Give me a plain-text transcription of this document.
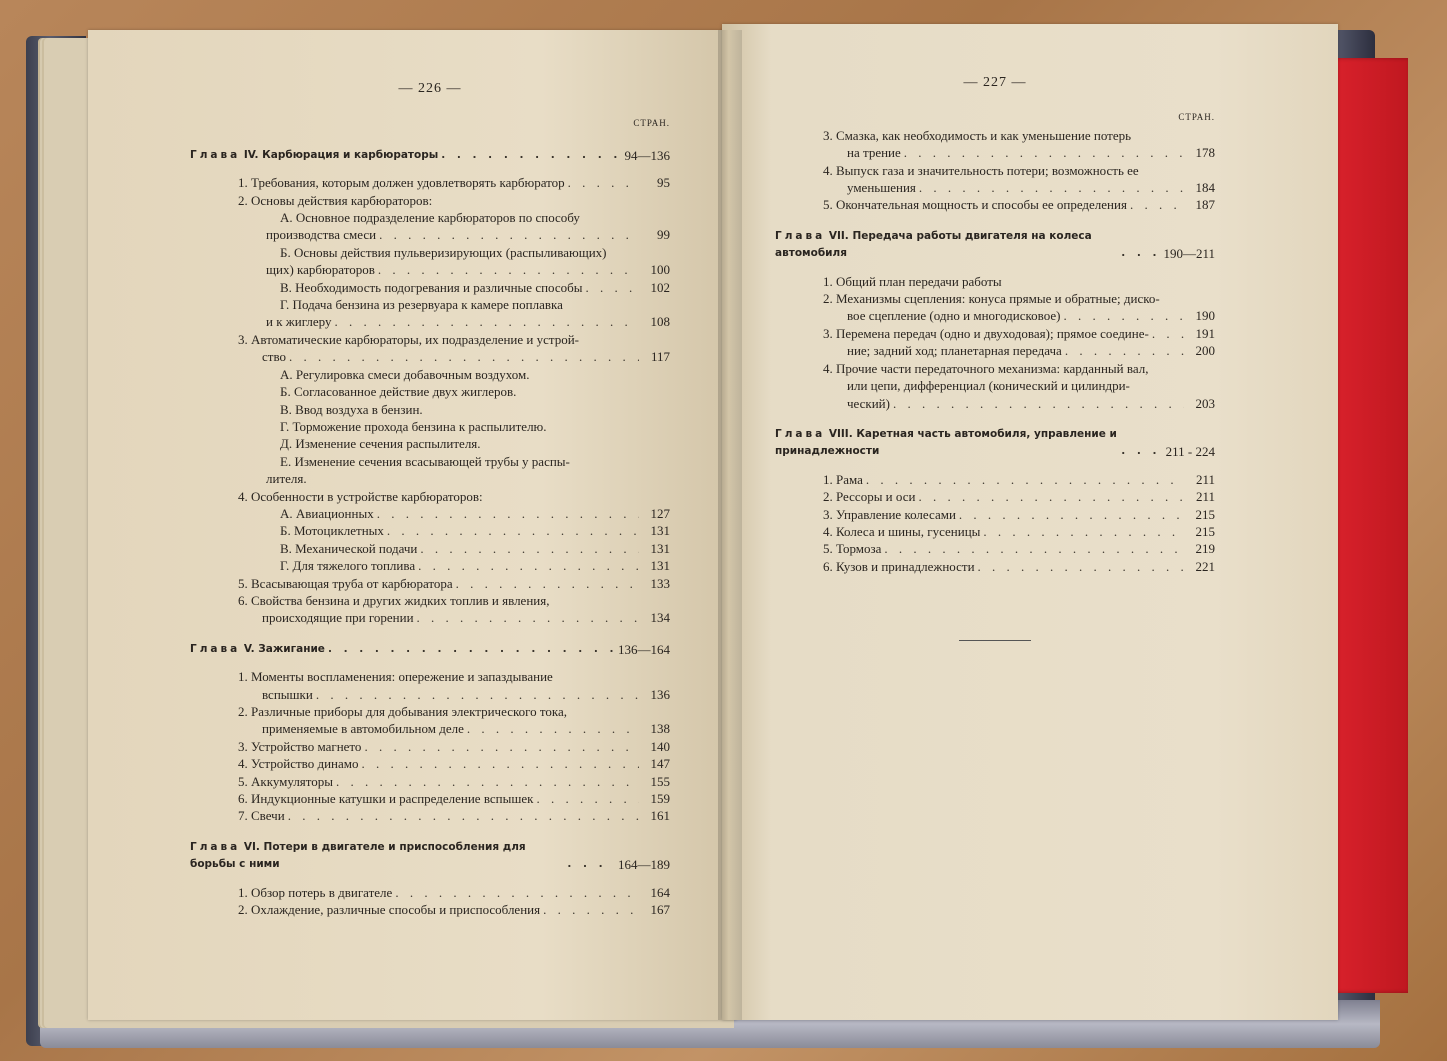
— 226 —
СТРАН.
Глава IV. Карбюрация и карбюраторы . . .	94—136
1. Требования, которым должен удовлетворять карбюратор . . .	95
2. Основы действия карбюраторов:
А. Основное подразделение карбюраторов по способу
производства смеси . . .	99
Б. Основы действия пульверизирующих (распыливающих)
щих) карбюраторов . . .	100
В. Необходимость подогревания и различные способы . . .	102
Г. Подача бензина из резервуара к камере поплавка
и к жиглеру . . .	108
3. Автоматические карбюраторы, их подразделение и устрой-
ство . . .	117
А. Регулировка смеси добавочным воздухом.
Б. Согласованное действие двух жиглеров.
В. Ввод воздуха в бензин.
Г. Торможение прохода бензина к распылителю.
Д. Изменение сечения распылителя.
Е. Изменение сечения всасывающей трубы у распы-
лителя.
4. Особенности в устройстве карбюраторов:
А. Авиационных . . .	127
Б. Мотоциклетных . . .	131
В. Механической подачи . . .	131
Г. Для тяжелого топлива . . .	131
5. Всасывающая труба от карбюратора . . .	133
6. Свойства бензина и других жидких топлив и явления,
происходящие при горении . . .	134
Глава V. Зажигание . . .	136—164
1. Моменты воспламенения: опережение и запаздывание
вспышки . . .	136
2. Различные приборы для добывания электрического тока,
применяемые в автомобильном деле . . .	138
3. Устройство магнето . . .	140
4. Устройство динамо . . .	147
5. Аккумуляторы . . .	155
6. Индукционные катушки и распределение вспышек . . .	159
7. Свечи . . .	161
Глава VI. Потери в двигателе и приспособления для борьбы с ними . . .	164—189
1. Обзор потерь в двигателе . . .	164
2. Охлаждение, различные способы и приспособления . . .	167
— 227 —
СТРАН.
3. Смазка, как необходимость и как уменьшение потерь
на трение . . .	178
4. Выпуск газа и значительность потери; возможность ее
уменьшения . . .	184
5. Окончательная мощность и способы ее определения . . .	187
Глава VII. Передача работы двигателя на колеса автомобиля . . .	190—211
1. Общий план передачи работы
2. Механизмы сцепления: конуса прямые и обратные; диско-
вое сцепление (одно и многодисковое) . . .	190
3. Перемена передач (одно и двуходовая); прямое соедине- . . .	191
ние; задний ход; планетарная передача . . .	200
4. Прочие части передаточного механизма: карданный вал,
или цепи, дифференциал (конический и цилиндри-
ческий) . . .	203
Глава VIII. Каретная часть автомобиля, управление и принадлежности . . .	211 - 224
1. Рама . . .	211
2. Рессоры и оси . . .	211
3. Управление колесами . . .	215
4. Колеса и шины, гусеницы . . .	215
5. Тормоза . . .	219
6. Кузов и принадлежности . . .	221
